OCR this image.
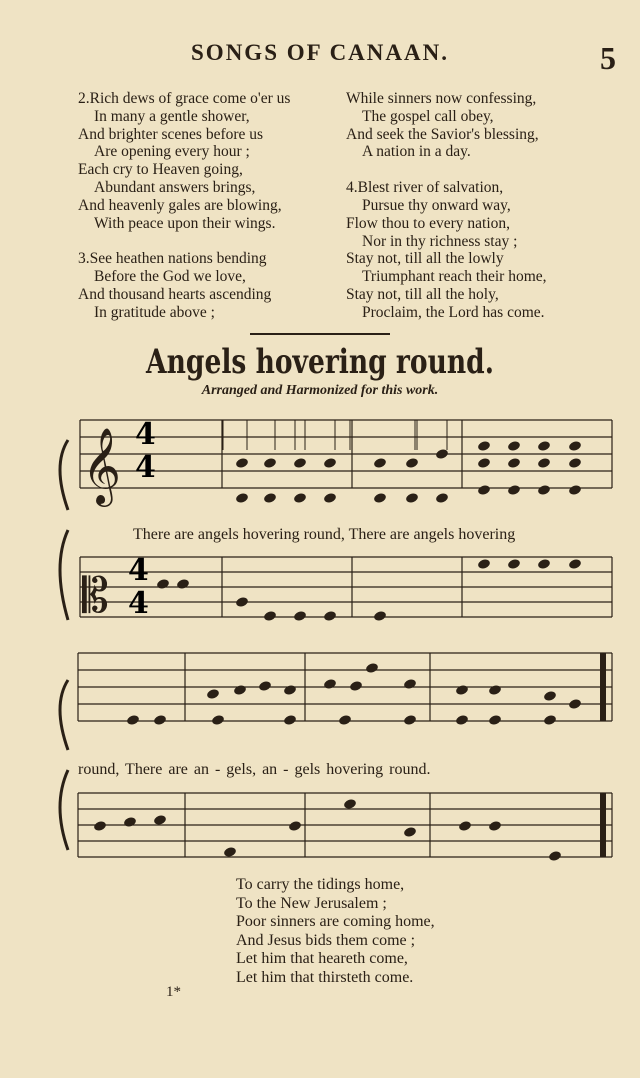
SONGS OF CANAAN.	5
2.Rich dews of grace come o'er us
In many a gentle shower,
And brighter scenes before us
Are opening every hour ;
Each cry to Heaven going,
Abundant answers brings,
And heavenly gales are blowing,
With peace upon their wings.
3.See heathen nations bending
Before the God we love,
And thousand hearts ascending
In gratitude above ;
While sinners now confessing,
The gospel call obey,
And seek the Savior's blessing,
A nation in a day.
4.Blest river of salvation,
Pursue thy onward way,
Flow thou to every nation,
Nor in thy richness stay ;
Stay not, till all the lowly
Triumphant reach their home,
Stay not, till all the holy,
Proclaim, the Lord has come.
Angels hovering round.
Arranged and Harmonized for this work.
𝄞
𝄡
4
4
4
4
There are angels hovering round, There are angels hovering
round, There are an - gels, an - gels hovering round.
To carry the tidings home,
To the New Jerusalem ;
Poor sinners are coming home,
And Jesus bids them come ;
Let him that heareth come,
Let him that thirsteth come.
1*
